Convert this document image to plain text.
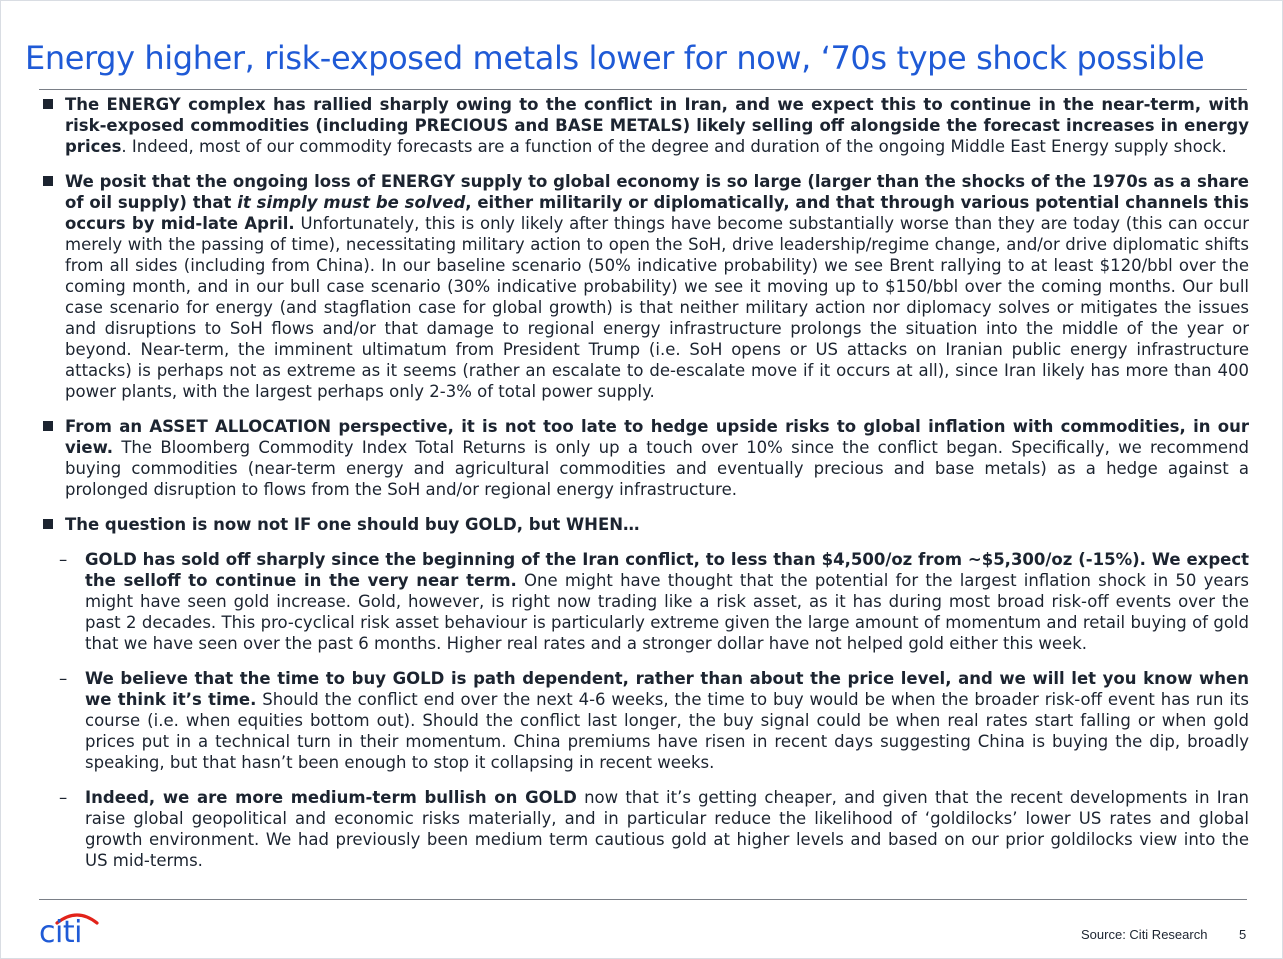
Energy higher, risk-exposed metals lower for now, ‘70s type shock possible
The ENERGY complex has rallied sharply owing to the conflict in Iran, and we expect this to continue in the near-term, with risk-exposed commodities (including PRECIOUS and BASE METALS) likely selling off alongside the forecast increases in energy prices. Indeed, most of our commodity forecasts are a function of the degree and duration of the ongoing Middle East Energy supply shock.
We posit that the ongoing loss of ENERGY supply to global economy is so large (larger than the shocks of the 1970s as a share of oil supply) that it simply must be solved, either militarily or diplomatically, and that through various potential channels this occurs by mid-late April. Unfortunately, this is only likely after things have become substantially worse than they are today (this can occur merely with the passing of time), necessitating military action to open the SoH, drive leadership/regime change, and/or drive diplomatic shifts from all sides (including from China). In our baseline scenario (50% indicative probability) we see Brent rallying to at least $120/bbl over the coming month, and in our bull case scenario (30% indicative probability) we see it moving up to $150/bbl over the coming months. Our bull case scenario for energy (and stagflation case for global growth) is that neither military action nor diplomacy solves or mitigates the issues and disruptions to SoH flows and/or that damage to regional energy infrastructure prolongs the situation into the middle of the year or beyond. Near-term, the imminent ultimatum from President Trump (i.e. SoH opens or US attacks on Iranian public energy infrastructure attacks) is perhaps not as extreme as it seems (rather an escalate to de-escalate move if it occurs at all), since Iran likely has more than 400 power plants, with the largest perhaps only 2-3% of total power supply.
From an ASSET ALLOCATION perspective, it is not too late to hedge upside risks to global inflation with commodities, in our view. The Bloomberg Commodity Index Total Returns is only up a touch over 10% since the conflict began. Specifically, we recommend buying commodities (near-term energy and agricultural commodities and eventually precious and base metals) as a hedge against a prolonged disruption to flows from the SoH and/or regional energy infrastructure.
The question is now not IF one should buy GOLD, but WHEN…
– GOLD has sold off sharply since the beginning of the Iran conflict, to less than $4,500/oz from ~$5,300/oz (-15%). We expect the selloff to continue in the very near term. One might have thought that the potential for the largest inflation shock in 50 years might have seen gold increase. Gold, however, is right now trading like a risk asset, as it has during most broad risk-off events over the past 2 decades. This pro-cyclical risk asset behaviour is particularly extreme given the large amount of momentum and retail buying of gold that we have seen over the past 6 months. Higher real rates and a stronger dollar have not helped gold either this week.
– We believe that the time to buy GOLD is path dependent, rather than about the price level, and we will let you know when we think it’s time. Should the conflict end over the next 4-6 weeks, the time to buy would be when the broader risk-off event has run its course (i.e. when equities bottom out). Should the conflict last longer, the buy signal could be when real rates start falling or when gold prices put in a technical turn in their momentum. China premiums have risen in recent days suggesting China is buying the dip, broadly speaking, but that hasn’t been enough to stop it collapsing in recent weeks.
– Indeed, we are more medium-term bullish on GOLD now that it’s getting cheaper, and given that the recent developments in Iran raise global geopolitical and economic risks materially, and in particular reduce the likelihood of ‘goldilocks’ lower US rates and global growth environment. We had previously been medium term cautious gold at higher levels and based on our prior goldilocks view into the US mid-terms.
citi	Source: Citi Research 5
